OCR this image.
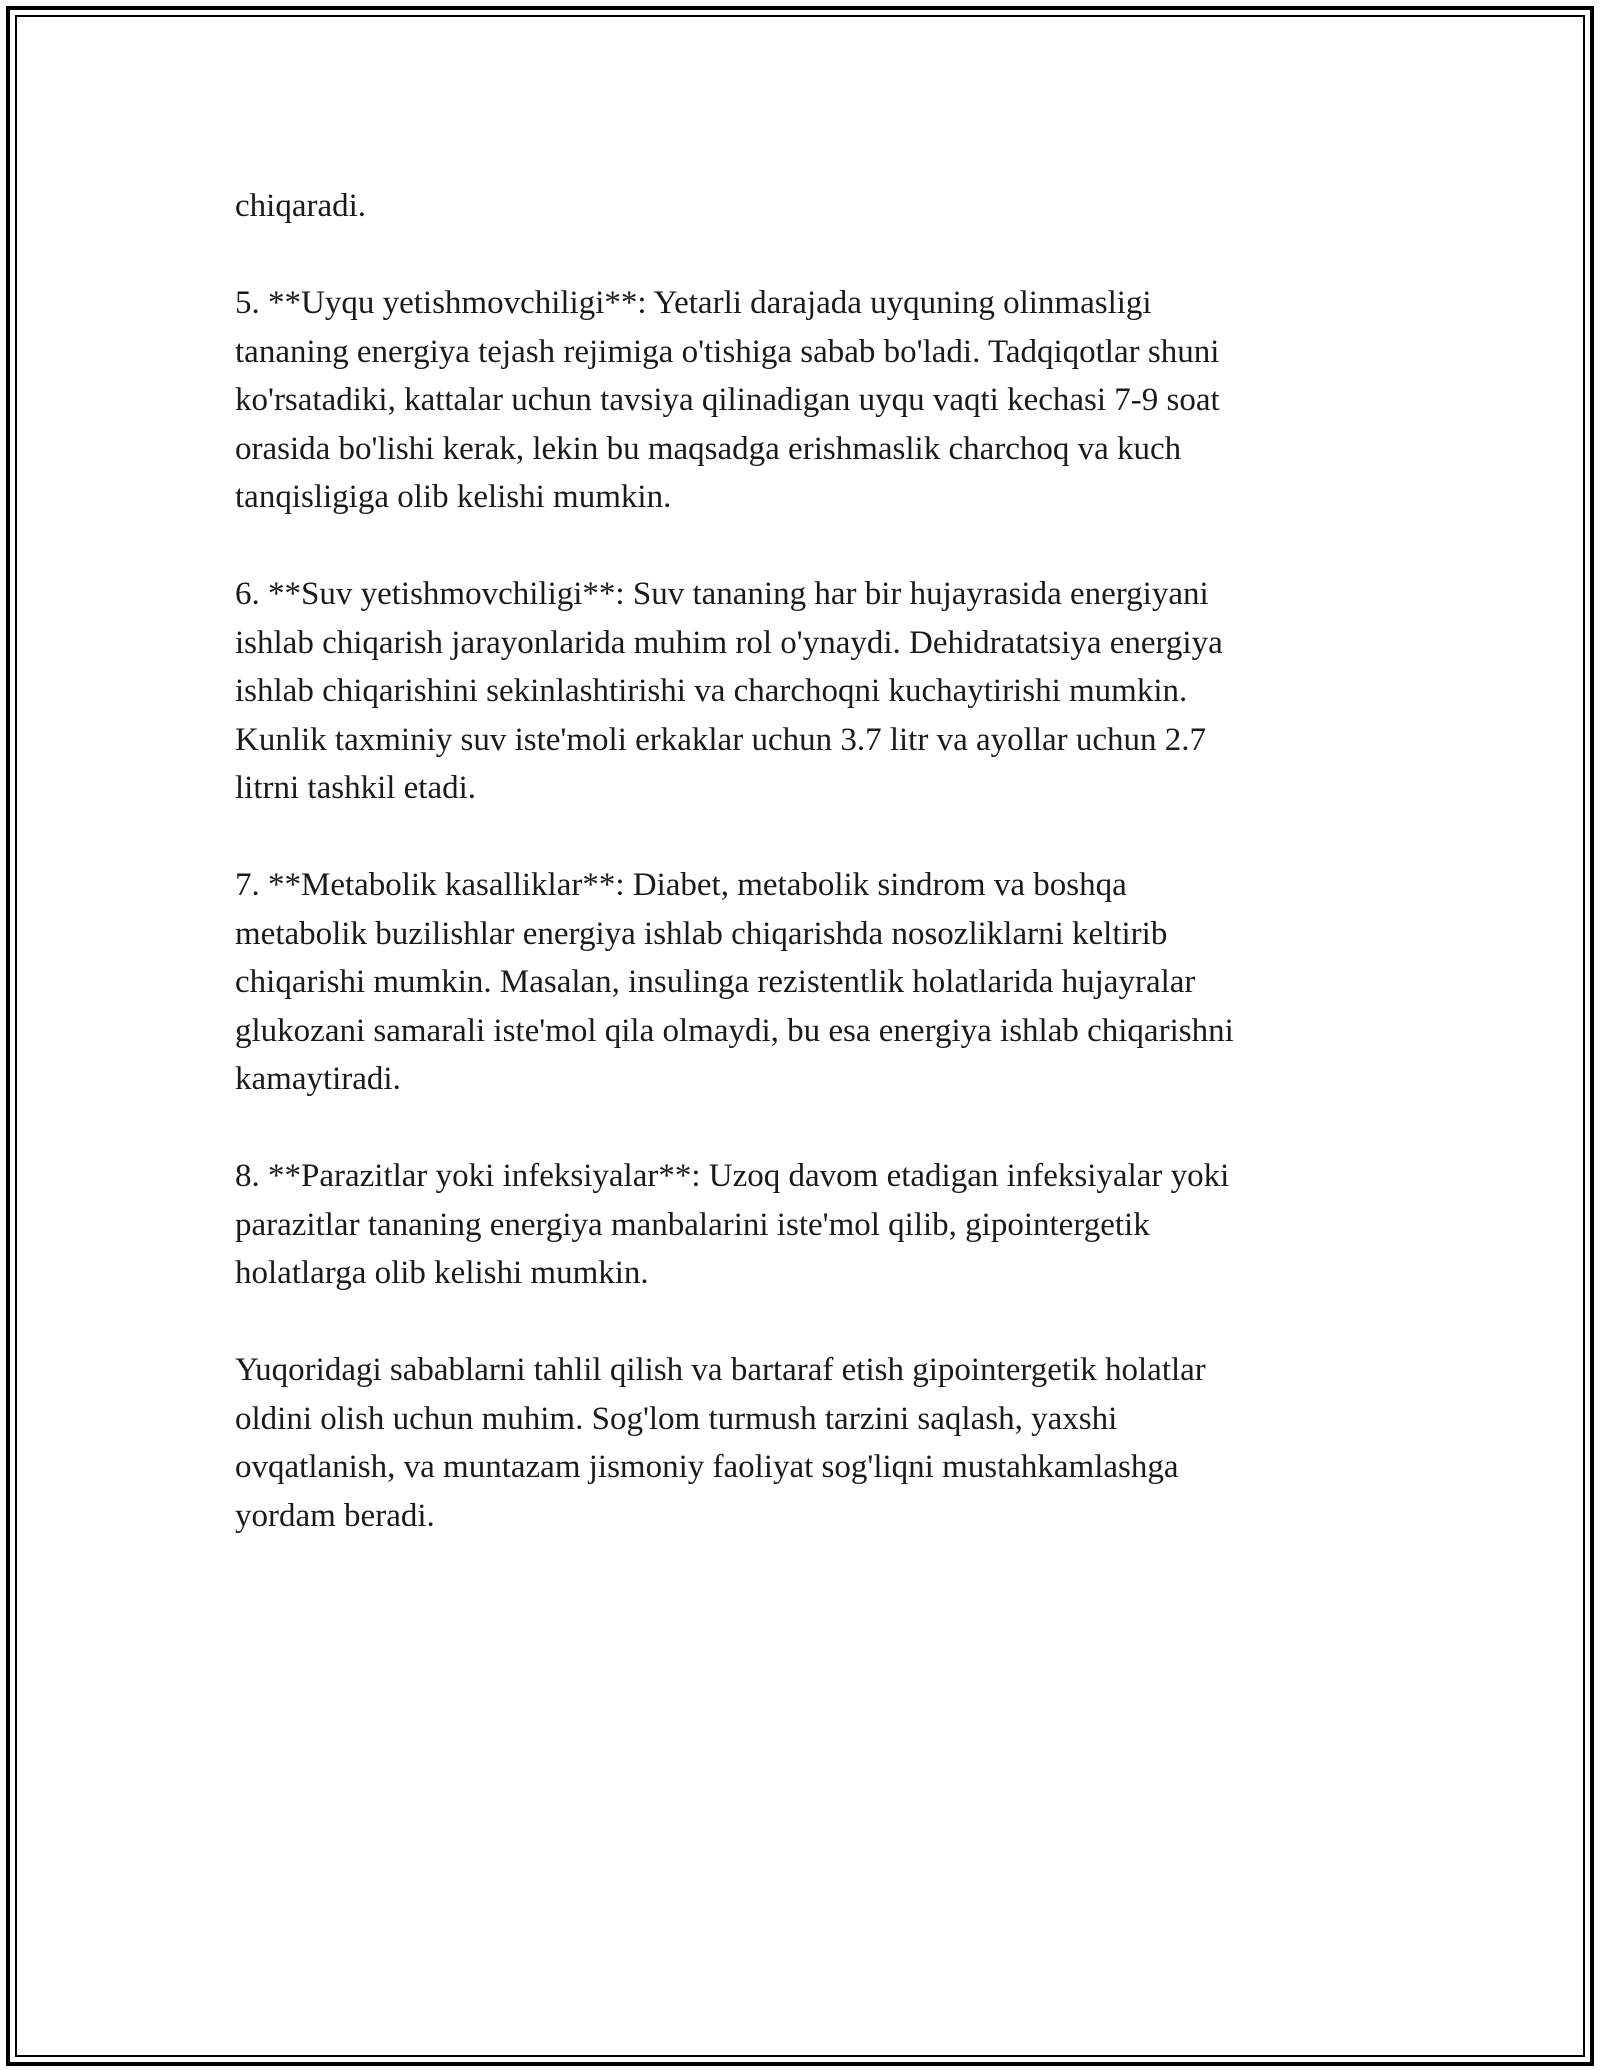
chiqaradi.

5. **Uyqu yetishmovchiligi**: Yetarli darajada uyquning olinmasligi
tananing energiya tejash rejimiga o'tishiga sabab bo'ladi. Tadqiqotlar shuni
ko'rsatadiki, kattalar uchun tavsiya qilinadigan uyqu vaqti kechasi 7-9 soat
orasida bo'lishi kerak, lekin bu maqsadga erishmaslik charchoq va kuch
tanqisligiga olib kelishi mumkin.

6. **Suv yetishmovchiligi**: Suv tananing har bir hujayrasida energiyani
ishlab chiqarish jarayonlarida muhim rol o'ynaydi. Dehidratatsiya energiya
ishlab chiqarishini sekinlashtirishi va charchoqni kuchaytirishi mumkin.
Kunlik taxminiy suv iste'moli erkaklar uchun 3.7 litr va ayollar uchun 2.7
litrni tashkil etadi.

7. **Metabolik kasalliklar**: Diabet, metabolik sindrom va boshqa
metabolik buzilishlar energiya ishlab chiqarishda nosozliklarni keltirib
chiqarishi mumkin. Masalan, insulinga rezistentlik holatlarida hujayralar
glukozani samarali iste'mol qila olmaydi, bu esa energiya ishlab chiqarishni
kamaytiradi.

8. **Parazitlar yoki infeksiyalar**: Uzoq davom etadigan infeksiyalar yoki
parazitlar tananing energiya manbalarini iste'mol qilib, gipointergetik
holatlarga olib kelishi mumkin.

Yuqoridagi sabablarni tahlil qilish va bartaraf etish gipointergetik holatlar
oldini olish uchun muhim. Sog'lom turmush tarzini saqlash, yaxshi
ovqatlanish, va muntazam jismoniy faoliyat sog'liqni mustahkamlashga
yordam beradi.
